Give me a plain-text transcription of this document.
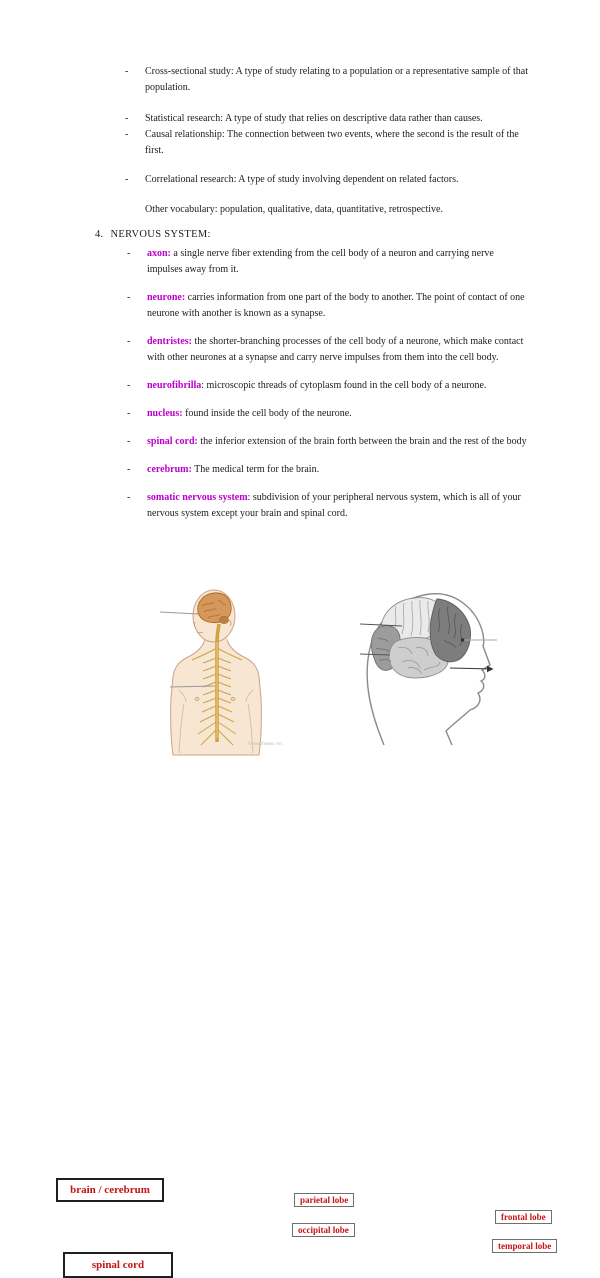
-	Cross-sectional study: A type of study relating to a population or a representative sample of that population.
-	Statistical research: A type of study that relies on descriptive data rather than causes.
-	Causal relationship: The connection between two events, where the second is the result of the first.
-	Correlational research: A type of study involving dependent on related factors.
Other vocabulary: population, qualitative, data, quantitative, retrospective.
4. NERVOUS SYSTEM:
-	axon: a single nerve fiber extending from the cell body of a neuron and carrying nerve impulses away from it.
-	neurone: carries information from one part of the body to another. The point of contact of one neurone with another is known as a synapse.
-	dentristes: the shorter-branching processes of the cell body of a neurone, which make contact with other neurones at a synapse and carry nerve impulses from them into the cell body.
-	neurofibrilla: microscopic threads of cytoplasm found in the cell body of a neurone.
-	nucleus: found inside the cell body of the neurone.
-	spinal cord: the inferior extension of the brain forth between the brain and the rest of the body
-	cerebrum: The medical term for the brain.
-	somatic nervous system: subdivision of your peripheral nervous system, which is all of your nervous system except your brain and spinal cord.
©Healthwise, Inc
brain / cerebrum
spinal cord
parietal lobe
occipital lobe
frontal lobe
temporal lobe
